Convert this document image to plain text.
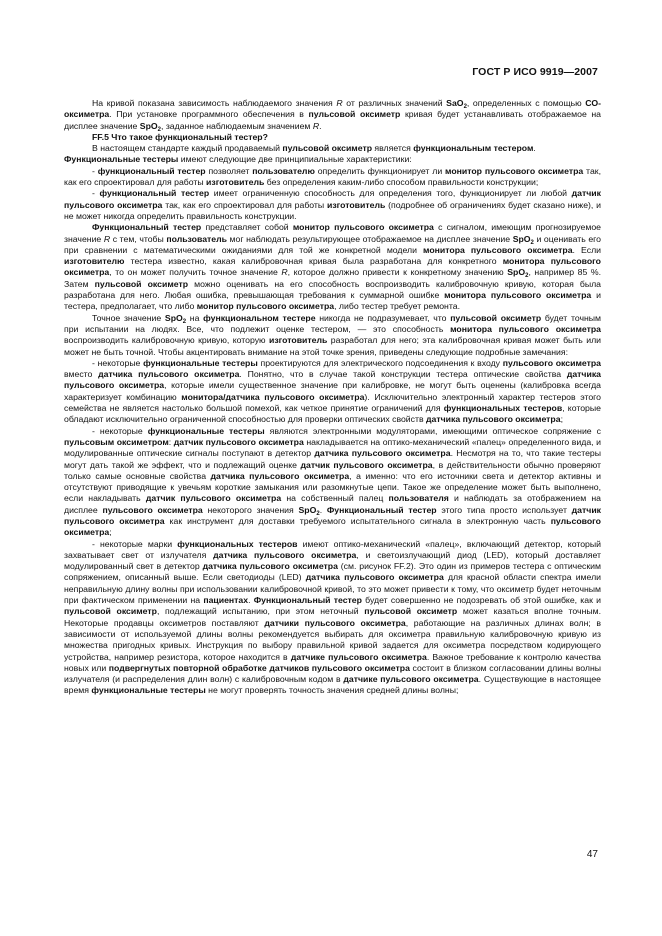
ГОСТ Р ИСО 9919—2007

На кривой показана зависимость наблюдаемого значения R от различных значений SaO$_2$, определенных с помощью СО-оксиметра. При установке программного обеспечения в пульсовой оксиметр кривая будет устанавливать отображаемое на дисплее значение SpO$_2$, заданное наблюдаемым значением R.

FF.5 Что такое функциональный тестер?

В настоящем стандарте каждый продаваемый пульсовой оксиметр является функциональным тестером.

Функциональные тестеры имеют следующие две принципиальные характеристики:

- функциональный тестер позволяет пользователю определить функционирует ли монитор пульсового оксиметра так, как его спроектировал для работы изготовитель без определения каким-либо способом правильности конструкции;

- функциональный тестер имеет ограниченную способность для определения того, функционирует ли любой датчик пульсового оксиметра так, как его спроектировал для работы изготовитель (подробнее об ограничениях будет сказано ниже), и не может никогда определить правильность конструкции.

Функциональный тестер представляет собой монитор пульсового оксиметра с сигналом, имеющим прогнозируемое значение R с тем, чтобы пользователь мог наблюдать результирующее отображаемое на дисплее значение SpO$_2$ и оценивать его при сравнении с математическими ожиданиями для той же конкретной модели монитора пульсового оксиметра. Если изготовителю тестера известно, какая калибровочная кривая была разработана для конкретного монитора пульсового оксиметра, то он может получить точное значение R, которое должно привести к конкретному значению SpO$_2$, например 85 %. Затем пульсовой оксиметр можно оценивать на его способность воспроизводить калибровочную кривую, которая была разработана для него. Любая ошибка, превышающая требования к суммарной ошибке монитора пульсового оксиметра и тестера, предполагает, что либо монитор пульсового оксиметра, либо тестер требует ремонта.

Точное значение SpO$_2$ на функциональном тестере никогда не подразумевает, что пульсовой оксиметр будет точным при испытании на людях. Все, что подлежит оценке тестером, — это способность монитора пульсового оксиметра воспроизводить калибровочную кривую, которую изготовитель разработал для него; эта калибровочная кривая может быть или может не быть точной. Чтобы акцентировать внимание на этой точке зрения, приведены следующие подробные замечания:

- некоторые функциональные тестеры проектируются для электрического подсоединения к входу пульсового оксиметра вместо датчика пульсового оксиметра. Понятно, что в случае такой конструкции тестера оптические свойства датчика пульсового оксиметра, которые имели существенное значение при калибровке, не могут быть оценены (калибровка всегда характеризует комбинацию монитора/датчика пульсового оксиметра). Исключительно электронный характер тестеров этого семейства не является настолько большой помехой, как четкое принятие ограничений для функциональных тестеров, которые обладают исключительно ограниченной способностью для проверки оптических свойств датчика пульсового оксиметра;

- некоторые функциональные тестеры являются электронными модуляторами, имеющими оптическое сопряжение с пульсовым оксиметром: датчик пульсового оксиметра накладывается на оптико-механический «палец» определенного вида, и модулированные оптические сигналы поступают в детектор датчика пульсового оксиметра. Несмотря на то, что такие тестеры могут дать такой же эффект, что и подлежащий оценке датчик пульсового оксиметра, в действительности обычно проверяют только самые основные свойства датчика пульсового оксиметра, а именно: что его источники света и детектор активны и отсутствуют приводящие к увечьям короткие замыкания или разомкнутые цепи. Такое же определение может быть выполнено, если накладывать датчик пульсового оксиметра на собственный палец пользователя и наблюдать за отображением на дисплее пульсового оксиметра некоторого значения SpO$_2$. Функциональный тестер этого типа просто использует датчик пульсового оксиметра как инструмент для доставки требуемого испытательного сигнала в электронную часть пульсового оксиметра;

- некоторые марки функциональных тестеров имеют оптико-механический «палец», включающий детектор, который захватывает свет от излучателя датчика пульсового оксиметра, и светоизлучающий диод (LED), который доставляет модулированный свет в детектор датчика пульсового оксиметра (см. рисунок FF.2). Это один из примеров тестера с оптическим сопряжением, описанный выше. Если светодиоды (LED) датчика пульсового оксиметра для красной области спектра имели неправильную длину волны при использовании калибровочной кривой, то это может привести к тому, что оксиметр будет неточным при фактическом применении на пациентах. Функциональный тестер будет совершенно не подозревать об этой ошибке, как и пульсовой оксиметр, подлежащий испытанию, при этом неточный пульсовой оксиметр может казаться вполне точным. Некоторые продавцы оксиметров поставляют датчики пульсового оксиметра, работающие на различных длинах волн; в зависимости от используемой длины волны рекомендуется выбирать для оксиметра правильную калибровочную кривую из множества пригодных кривых. Инструкция по выбору правильной кривой задается для оксиметра посредством кодирующего устройства, например резистора, которое находится в датчике пульсового оксиметра. Важное требование к контролю качества новых или подвергнутых повторной обработке датчиков пульсового оксиметра состоит в близком согласовании длины волны излучателя (и распределения длин волн) с калибровочным кодом в датчике пульсового оксиметра. Существующие в настоящее время функциональные тестеры не могут проверять точность значения средней длины волны;

47
